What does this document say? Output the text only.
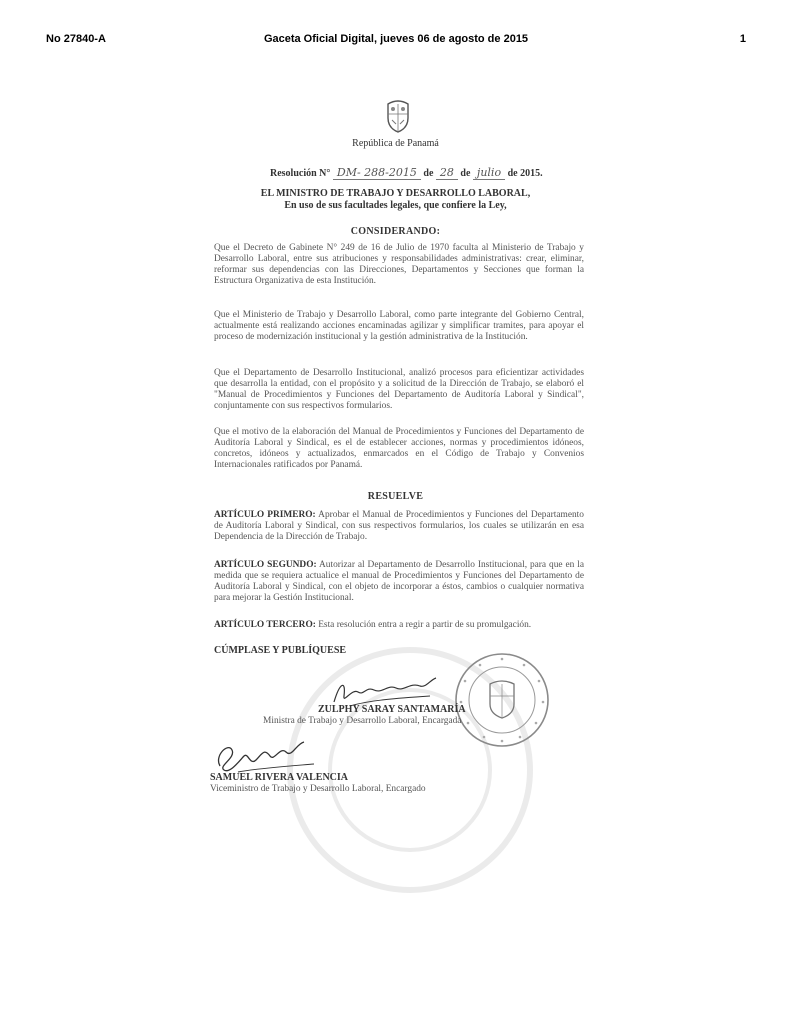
No 27840-A	Gaceta Oficial Digital, jueves 06 de agosto de 2015	1
República de Panamá
Resolución N° DM- 288-2015 de 28 de julio de 2015.
EL MINISTRO DE TRABAJO Y DESARROLLO LABORAL,
En uso de sus facultades legales, que confiere la Ley,
CONSIDERANDO:
Que el Decreto de Gabinete N° 249 de 16 de Julio de 1970 faculta al Ministerio de Trabajo y Desarrollo Laboral, entre sus atribuciones y responsabilidades administrativas: crear, eliminar, reformar sus dependencias con las Direcciones, Departamentos y Secciones que forman la Estructura Organizativa de esta Institución.
Que el Ministerio de Trabajo y Desarrollo Laboral, como parte integrante del Gobierno Central, actualmente está realizando acciones encaminadas agilizar y simplificar tramites, para apoyar el proceso de modernización institucional y la gestión administrativa de la Institución.
Que el Departamento de Desarrollo Institucional, analizó procesos para eficientizar actividades que desarrolla la entidad, con el propósito y a solicitud de la Dirección de Trabajo, se elaboró el "Manual de Procedimientos y Funciones del Departamento de Auditoría Laboral y Sindical", conjuntamente con sus respectivos formularios.
Que el motivo de la elaboración del Manual de Procedimientos y Funciones del Departamento de Auditoría Laboral y Sindical, es el de establecer acciones, normas y procedimientos idóneos, concretos, idóneos y actualizados, enmarcados en el Código de Trabajo y Convenios Internacionales ratificados por Panamá.
RESUELVE
ARTÍCULO PRIMERO: Aprobar el Manual de Procedimientos y Funciones del Departamento de Auditoría Laboral y Sindical, con sus respectivos formularios, los cuales se utilizarán en esa Dependencia de la Dirección de Trabajo.
ARTÍCULO SEGUNDO: Autorizar al Departamento de Desarrollo Institucional, para que en la medida que se requiera actualice el manual de Procedimientos y Funciones del Departamento de Auditoría Laboral y Sindical, con el objeto de incorporar a éstos, cambios o cualquier normativa para mejorar la Gestión Institucional.
ARTÍCULO TERCERO: Esta resolución entra a regir a partir de su promulgación.
CÚMPLASE Y PUBLÍQUESE
ZULPHY SARAY SANTAMARÍA
Ministra de Trabajo y Desarrollo Laboral, Encargada
SAMUEL RIVERA VALENCIA
Viceministro de Trabajo y Desarrollo Laboral, Encargado
